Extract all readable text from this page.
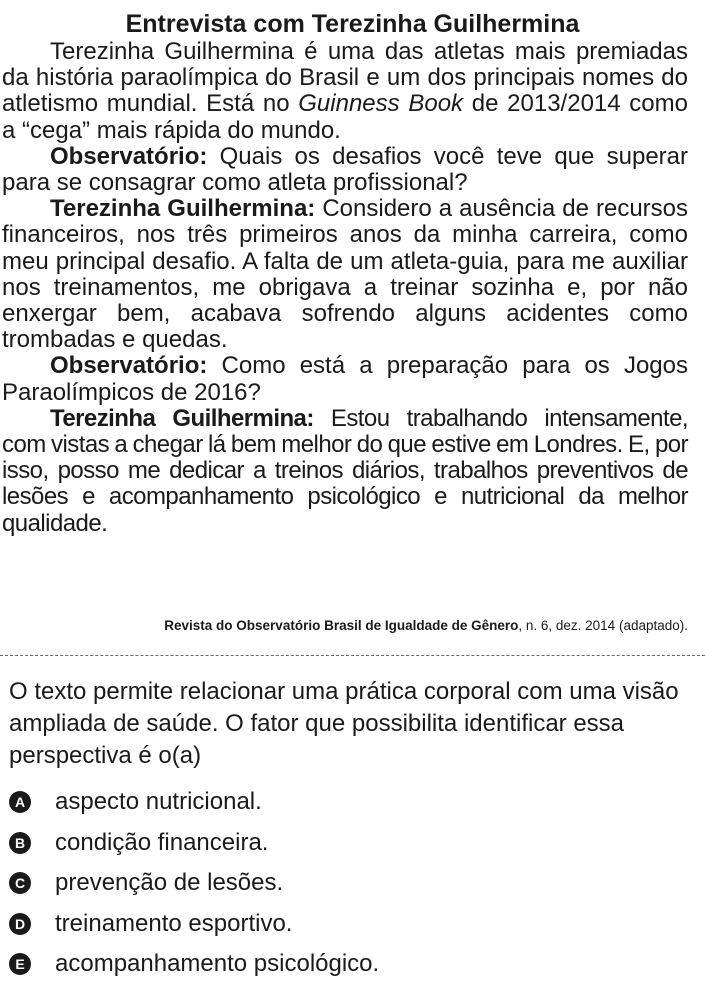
Entrevista com Terezinha Guilhermina

Terezinha Guilhermina é uma das atletas mais premiadas da história paraolímpica do Brasil e um dos principais nomes do atletismo mundial. Está no Guinness Book de 2013/2014 como a “cega” mais rápida do mundo.

Observatório: Quais os desafios você teve que superar para se consagrar como atleta profissional?

Terezinha Guilhermina: Considero a ausência de recursos financeiros, nos três primeiros anos da minha carreira, como meu principal desafio. A falta de um atleta-guia, para me auxiliar nos treinamentos, me obrigava a treinar sozinha e, por não enxergar bem, acabava sofrendo alguns acidentes como trombadas e quedas.

Observatório: Como está a preparação para os Jogos Paraolímpicos de 2016?

Terezinha Guilhermina: Estou trabalhando intensamente, com vistas a chegar lá bem melhor do que estive em Londres. E, por isso, posso me dedicar a treinos diários, trabalhos preventivos de lesões e acompanhamento psicológico e nutricional da melhor qualidade.

Revista do Observatório Brasil de Igualdade de Gênero, n. 6, dez. 2014 (adaptado).
O texto permite relacionar uma prática corporal com uma visão ampliada de saúde. O fator que possibilita identificar essa perspectiva é o(a)
A aspecto nutricional.
B condição financeira.
C prevenção de lesões.
D treinamento esportivo.
E acompanhamento psicológico.
